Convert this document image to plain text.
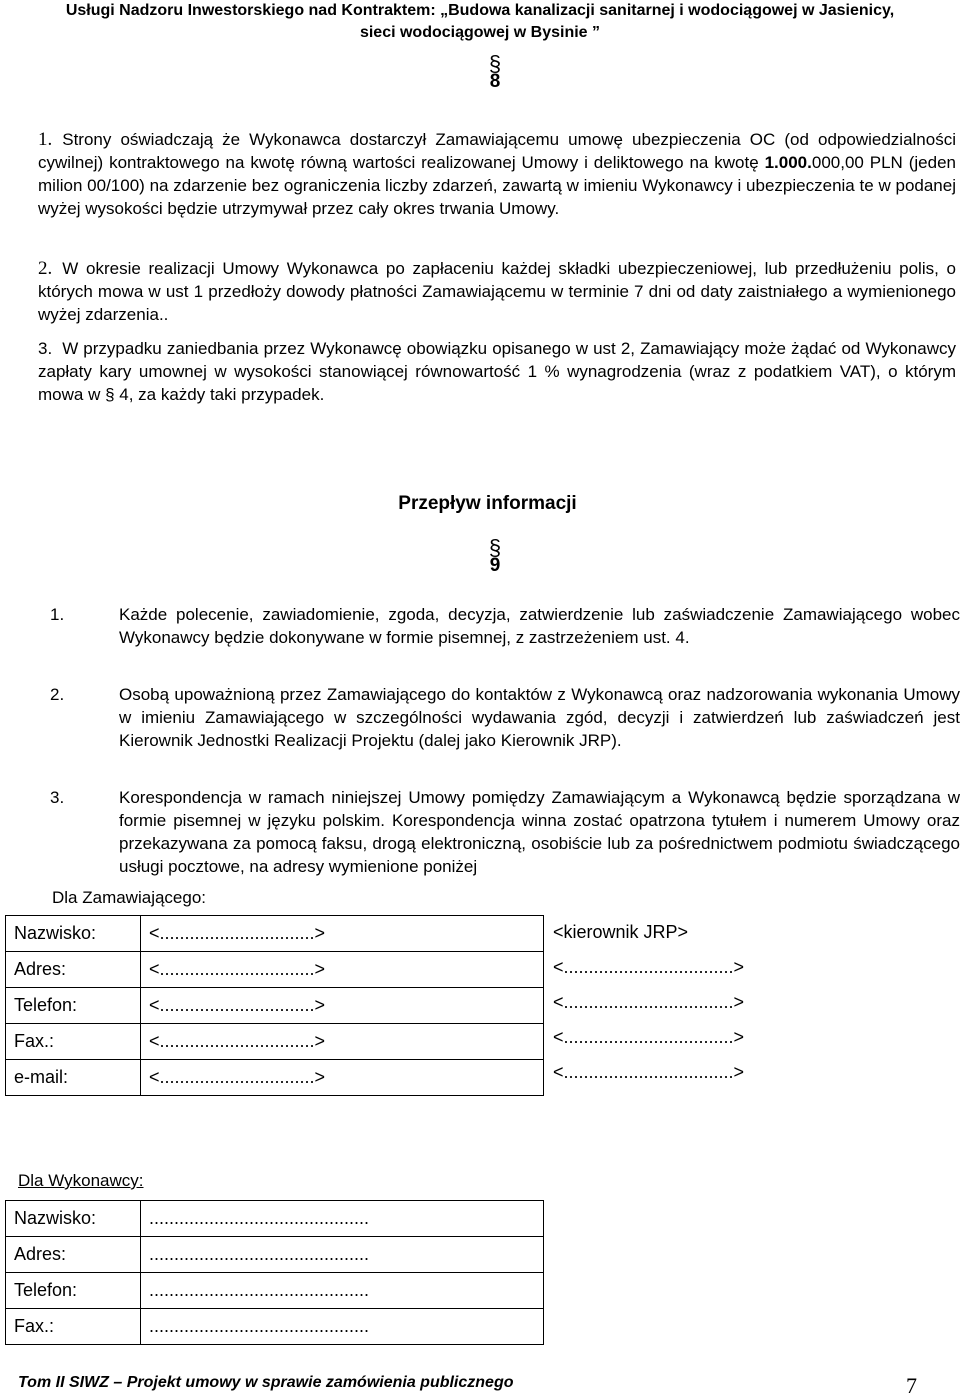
Usługi Nadzoru Inwestorskiego nad Kontraktem: „Budowa kanalizacji sanitarnej i wodociągowej w Jasienicy,
sieci wodociągowej w Bysinie ”
§
8
1. Strony oświadczają że Wykonawca dostarczył Zamawiającemu umowę ubezpieczenia OC (od odpowiedzialności cywilnej) kontraktowego na kwotę równą wartości realizowanej Umowy i deliktowego na kwotę 1.000.000,00 PLN (jeden milion 00/100) na zdarzenie bez ograniczenia liczby zdarzeń, zawartą w imieniu Wykonawcy i ubezpieczenia te w podanej wyżej wysokości będzie utrzymywał przez cały okres trwania Umowy.
2. W okresie realizacji Umowy Wykonawca po zapłaceniu każdej składki ubezpieczeniowej, lub przedłużeniu polis, o których mowa w ust 1 przedłoży dowody płatności Zamawiającemu w terminie 7 dni od daty zaistniałego a wymienionego wyżej zdarzenia..
3. W przypadku zaniedbania przez Wykonawcę obowiązku opisanego w ust 2, Zamawiający może żądać od Wykonawcy zapłaty kary umownej w wysokości stanowiącej równowartość 1 % wynagrodzenia (wraz z podatkiem VAT), o którym mowa w § 4, za każdy taki przypadek.
Przepływ informacji
§
9
1.	Każde polecenie, zawiadomienie, zgoda, decyzja, zatwierdzenie lub zaświadczenie Zamawiającego wobec Wykonawcy będzie dokonywane w formie pisemnej, z zastrzeżeniem ust. 4.
2.	Osobą upoważnioną przez Zamawiającego do kontaktów z Wykonawcą oraz nadzorowania wykonania Umowy w imieniu Zamawiającego w szczególności wydawania zgód, decyzji i zatwierdzeń lub zaświadczeń jest Kierownik Jednostki Realizacji Projektu (dalej jako Kierownik JRP).
3.	Korespondencja w ramach niniejszej Umowy pomiędzy Zamawiającym a Wykonawcą będzie sporządzana w formie pisemnej w języku polskim. Korespondencja winna zostać opatrzona tytułem i numerem Umowy oraz przekazywana za pomocą faksu, drogą elektroniczną, osobiście lub za pośrednictwem podmiotu świadczącego usługi pocztowe, na adresy wymienione poniżej
Dla Zamawiającego:
Nazwisko:	<...............................>
Adres:	<...............................>
Telefon:	<...............................>
Fax.:	<...............................>
e-mail:	<...............................>
<kierownik JRP>
<..................................>
<..................................>
<..................................>
<..................................>
Dla Wykonawcy:
Nazwisko:	............................................
Adres:	............................................
Telefon:	............................................
Fax.:	............................................
Tom II SIWZ – Projekt umowy w sprawie zamówienia publicznego	7
